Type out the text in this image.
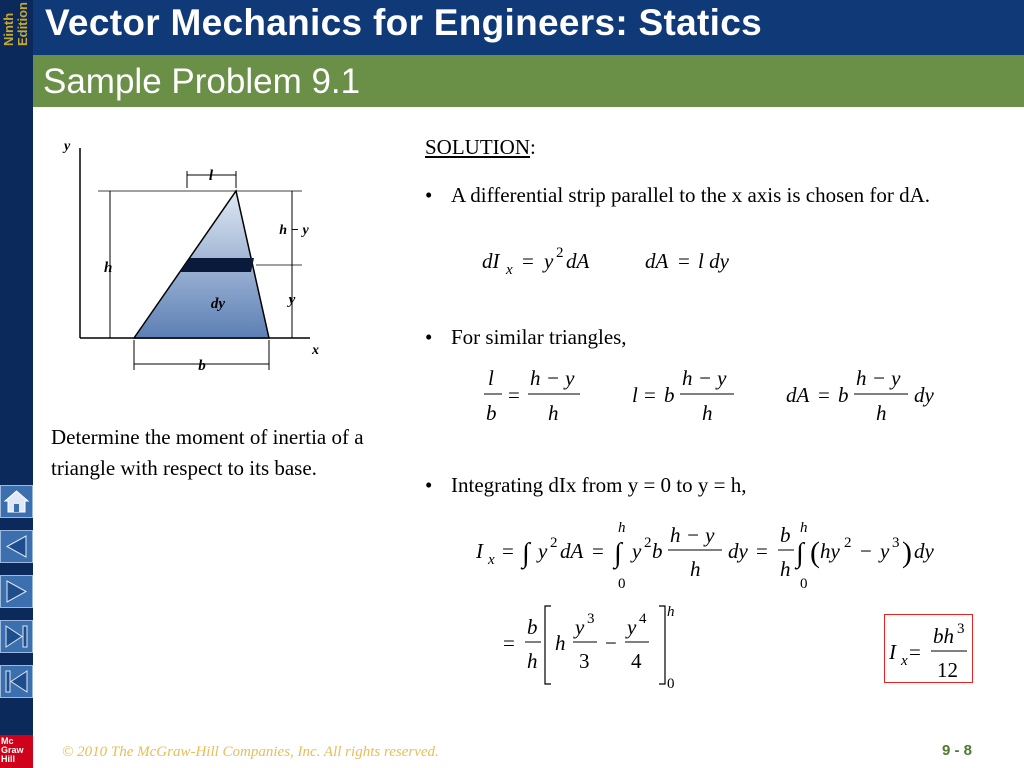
Ninth Edition
Mc
Graw
Hill
Vector Mechanics for Engineers: Statics
Sample Problem 9.1
y
x
l
h
h − y
y
dy
b
Determine the moment of inertia of a triangle with respect to its base.
SOLUTION:
• A differential strip parallel to the x axis is chosen for dA.
dI x = y 2 dA	dA = l dy
• For similar triangles,
l
b
=
h − y
h
l = b
h − y
h
dA = b
h − y
h
dy
• Integrating dIx from y = 0 to y = h,
I x = ∫ y 2 dA = ∫
h
0
y 2 b
h − y
h
dy =
b
h ∫
h
0
( hy 2 − y 3 ) dy
=
b
h
h
y 3
3
−
y 4
4
h
0
I x =
bh 3
12
© 2010 The McGraw-Hill Companies, Inc. All rights reserved.	9 - 8
